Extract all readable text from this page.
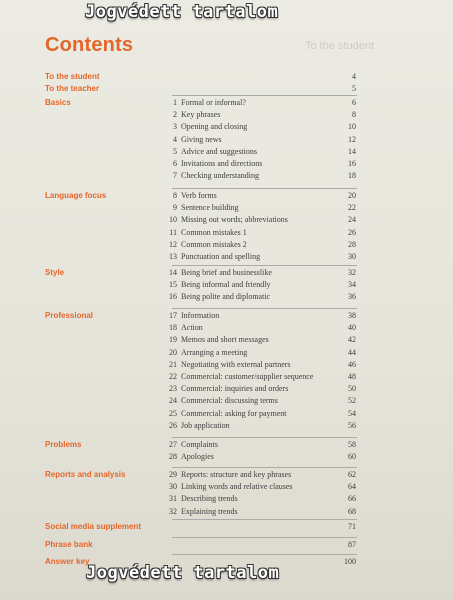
Jogvédett tartalom
To the student
Contents
To the student	4
To the teacher	5
Basics	1 Formal or informal?	6
2 Key phrases	8
3 Opening and closing	10
4 Giving news	12
5 Advice and suggestions	14
6 Invitations and directions	16
7 Checking understanding	18
Language focus	8 Verb forms	20
9 Sentence building	22
10 Missing out words; abbreviations	24
11 Common mistakes 1	26
12 Common mistakes 2	28
13 Punctuation and spelling	30
Style	14 Being brief and businesslike	32
15 Being informal and friendly	34
16 Being polite and diplomatic	36
Professional	17 Information	38
18 Action	40
19 Memos and short messages	42
20 Arranging a meeting	44
21 Negotiating with external partners	46
22 Commercial: customer/supplier sequence	48
23 Commercial: inquiries and orders	50
24 Commercial: discussing terms	52
25 Commercial: asking for payment	54
26 Job application	56
Problems	27 Complaints	58
28 Apologies	60
Reports and analysis	29 Reports: structure and key phrases	62
30 Linking words and relative clauses	64
31 Describing trends	66
32 Explaining trends	68
Social media supplement	71
Phrase bank	87
Answer key	100
Jogvédett tartalom
